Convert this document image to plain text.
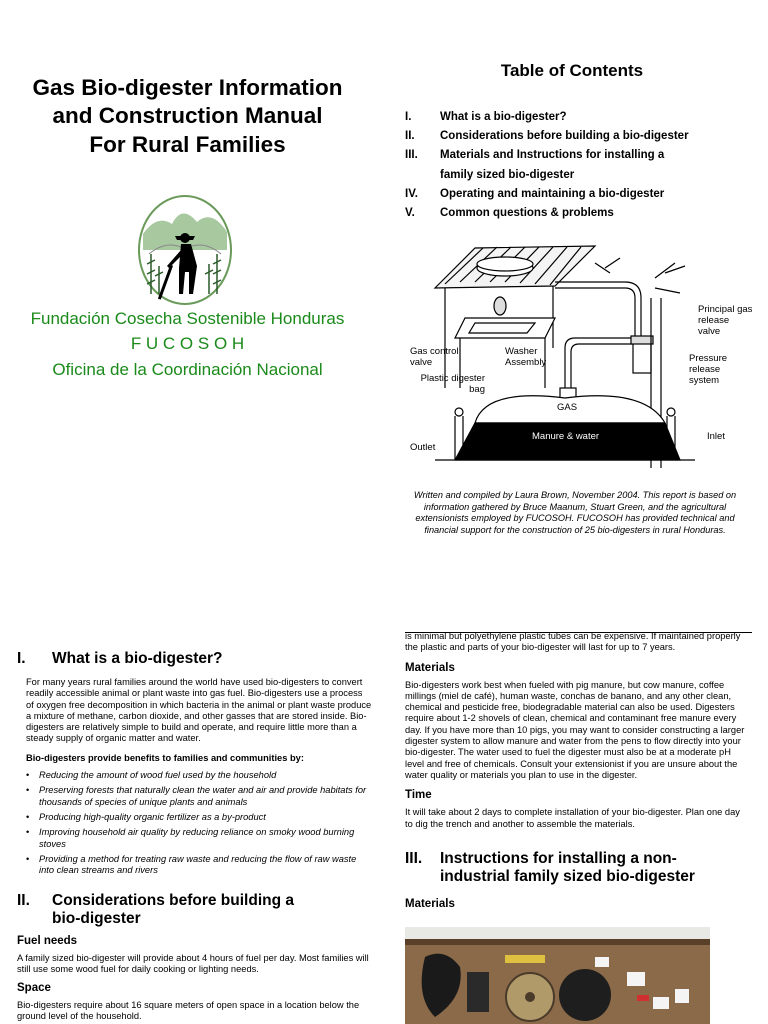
Gas Bio-digester Information
and Construction Manual
For Rural Families
Fundación Cosecha Sostenible Honduras
F U C O S O H
Oficina de la Coordinación Nacional
Table of Contents
I.	What is a bio-digester?
II.	Considerations before building a bio-digester
III.	Materials and Instructions for installing a
family sized bio-digester
IV.	Operating and maintaining a bio-digester
V.	Common questions & problems
Principal gas release valve
Gas control valve
Washer Assembly	Pressure release system
Plastic digester bag
GAS
Manure & water
Outlet
Inlet
Written and compiled by Laura Brown, November 2004. This report is based on information gathered by Bruce Maanum, Stuart Green, and the agricultural extensionists employed by FUCOSOH. FUCOSOH has provided technical and financial support for the construction of 25 bio-digesters in rural Honduras.
I.	What is a bio-digester?
For many years rural families around the world have used bio-digesters to convert readily accessible animal or plant waste into gas fuel. Bio-digesters use a process of oxygen free decomposition in which bacteria in the animal or plant waste produce a mixture of methane, carbon dioxide, and other gasses that are stored inside. Bio-digesters are relatively simple to build and operate, and require little more than a steady supply of organic matter and water.
Bio-digesters provide benefits to families and communities by:
• Reducing the amount of wood fuel used by the household
• Preserving forests that naturally clean the water and air and provide habitats for thousands of species of unique plants and animals
• Producing high-quality organic fertilizer as a by-product
• Improving household air quality by reducing reliance on smoky wood burning stoves
• Providing a method for treating raw waste and reducing the flow of raw waste into clean streams and rivers
II.	Considerations before building a
bio-digester
Fuel needs
A family sized bio-digester will provide about 4 hours of fuel per day. Most families will still use some wood fuel for daily cooking or lighting needs.
Space
Bio-digesters require about 16 square meters of open space in a location below the ground level of the household.
is minimal but polyethylene plastic tubes can be expensive. If maintained properly the plastic and parts of your bio-digester will last for up to 7 years.
Materials
Bio-digesters work best when fueled with pig manure, but cow manure, coffee millings (miel de café), human waste, conchas de banano, and any other clean, chemical and pesticide free, biodegradable material can also be used. Digesters require about 1-2 shovels of clean, chemical and contaminant free manure every day. If you have more than 10 pigs, you may want to consider constructing a larger digester system to allow manure and water from the pens to flow directly into your bio-digester. The water used to fuel the digester must also be at a moderate pH level and free of chemicals. Consult your extensionist if you are unsure about the water quality or materials you plan to use in the digester.
Time
It will take about 2 days to complete installation of your bio-digester. Plan one day to dig the trench and another to assemble the materials.
III.	Instructions for installing a non-
industrial family sized bio-digester
Materials
